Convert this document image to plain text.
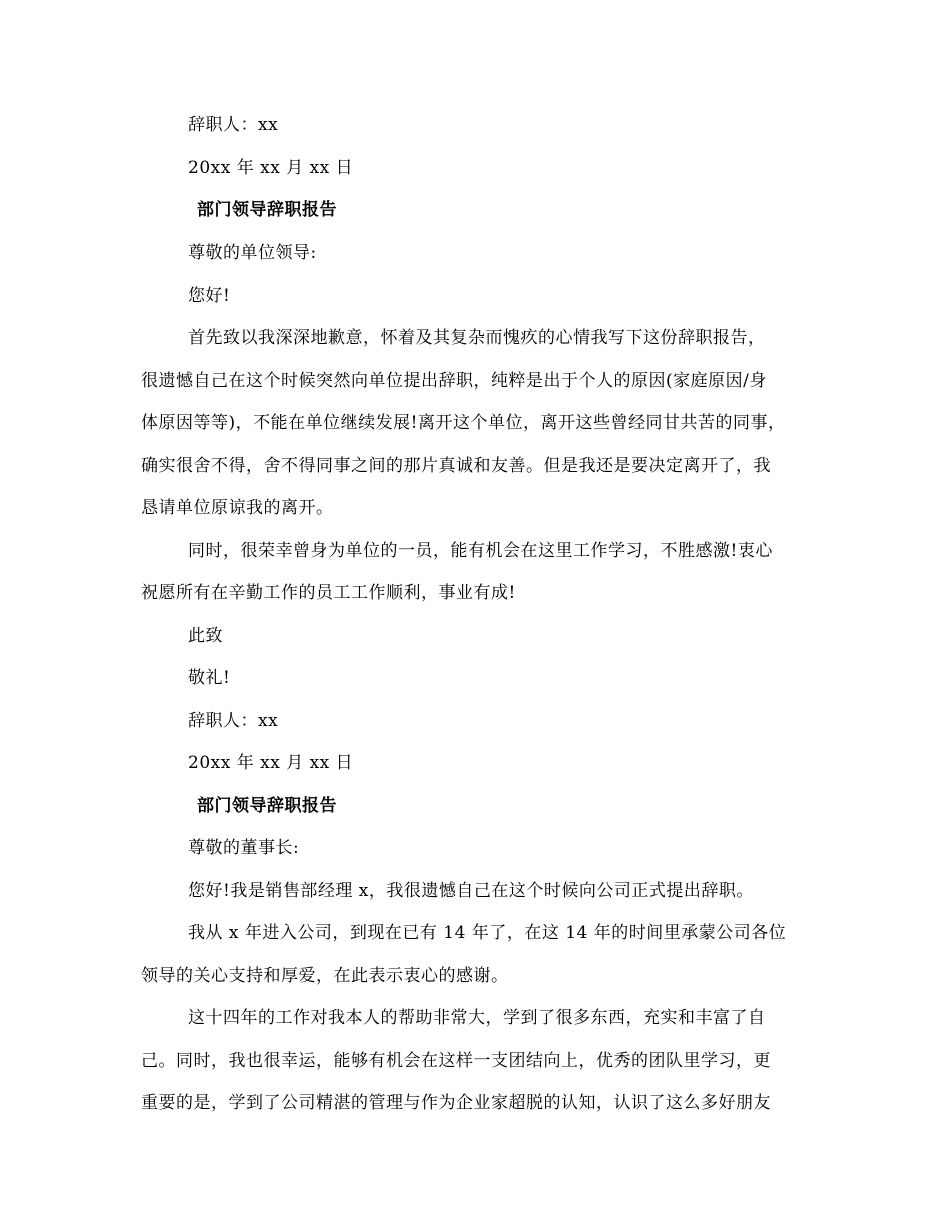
辞职人：xx
20xx 年 xx 月 xx 日
部门领导辞职报告
尊敬的单位领导:
您好!
首先致以我深深地歉意，怀着及其复杂而愧疚的心情我写下这份辞职报告，
很遗憾自己在这个时候突然向单位提出辞职，纯粹是出于个人的原因(家庭原因/身
体原因等等)，不能在单位继续发展!离开这个单位，离开这些曾经同甘共苦的同事，
确实很舍不得，舍不得同事之间的那片真诚和友善。但是我还是要决定离开了，我
恳请单位原谅我的离开。
同时，很荣幸曾身为单位的一员，能有机会在这里工作学习，不胜感激!衷心
祝愿所有在辛勤工作的员工工作顺利，事业有成!
此致
敬礼!
辞职人：xx
20xx 年 xx 月 xx 日
部门领导辞职报告
尊敬的董事长:
您好!我是销售部经理 x，我很遗憾自己在这个时候向公司正式提出辞职。
我从 x 年进入公司，到现在已有 14 年了，在这 14 年的时间里承蒙公司各位
领导的关心支持和厚爱，在此表示衷心的感谢。
这十四年的工作对我本人的帮助非常大，学到了很多东西，充实和丰富了自
己。同时，我也很幸运，能够有机会在这样一支团结向上，优秀的团队里学习，更
重要的是，学到了公司精湛的管理与作为企业家超脱的认知，认识了这么多好朋友
